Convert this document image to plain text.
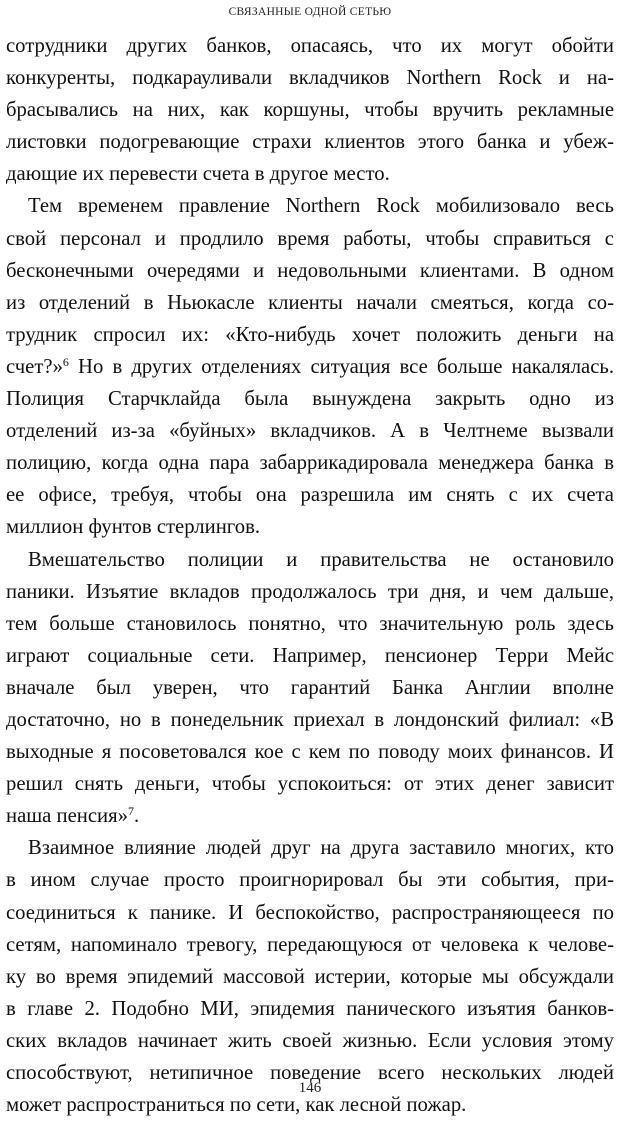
СВЯЗАННЫЕ ОДНОЙ СЕТЬЮ
сотрудники других банков, опасаясь, что их могут обойти
конкуренты, подкарауливали вкладчиков Northern Rock и на-
брасывались на них, как коршуны, чтобы вручить рекламные
листовки подогревающие страхи клиентов этого банка и убеж-
дающие их перевести счета в другое место.
Тем временем правление Northern Rock мобилизовало весь
свой персонал и продлило время работы, чтобы справиться с
бесконечными очередями и недовольными клиентами. В одном
из отделений в Ньюкасле клиенты начали смеяться, когда со-
трудник спросил их: «Кто-нибудь хочет положить деньги на
счет?»$^6$ Но в других отделениях ситуация все больше накалялась.
Полиция Старчклайда была вынуждена закрыть одно из
отделений из-за «буйных» вкладчиков. А в Челтнеме вызвали
полицию, когда одна пара забаррикадировала менеджера банка в
ее офисе, требуя, чтобы она разрешила им снять с их счета
миллион фунтов стерлингов.
Вмешательство полиции и правительства не остановило
паники. Изъятие вкладов продолжалось три дня, и чем дальше,
тем больше становилось понятно, что значительную роль здесь
играют социальные сети. Например, пенсионер Терри Мейс
вначале был уверен, что гарантий Банка Англии вполне
достаточно, но в понедельник приехал в лондонский филиал: «В
выходные я посоветовался кое с кем по поводу моих финансов. И
решил снять деньги, чтобы успокоиться: от этих денег зависит
наша пенсия»$^7$.
Взаимное влияние людей друг на друга заставило многих, кто
в ином случае просто проигнорировал бы эти события, при-
соединиться к панике. И беспокойство, распространяющееся по
сетям, напоминало тревогу, передающуюся от человека к челове-
ку во время эпидемий массовой истерии, которые мы обсуждали
в главе 2. Подобно МИ, эпидемия панического изъятия банков-
ских вкладов начинает жить своей жизнью. Если условия этому
способствуют, нетипичное поведение всего нескольких людей
может распространиться по сети, как лесной пожар.
146
